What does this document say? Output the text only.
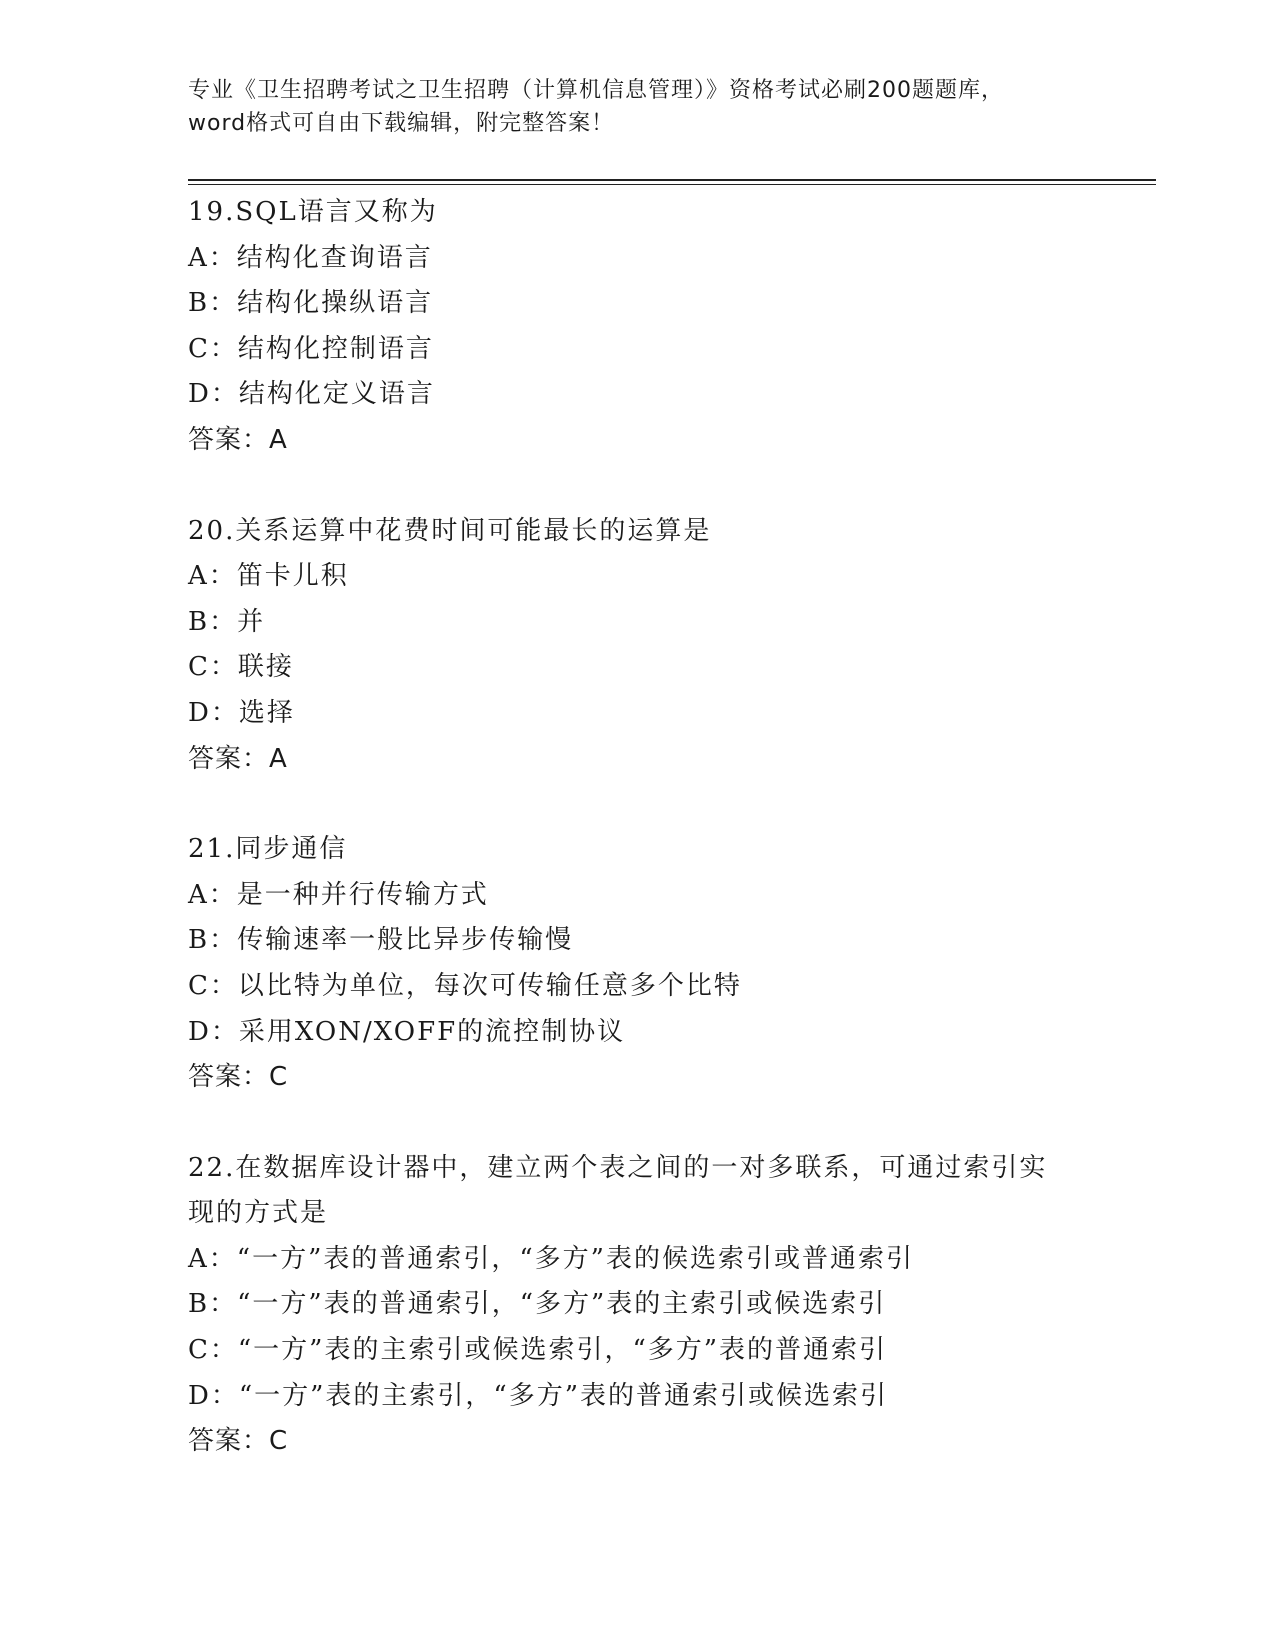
专业《卫生招聘考试之卫生招聘（计算机信息管理）》资格考试必刷200题题库，
word格式可自由下载编辑，附完整答案！
19.SQL语言又称为
A：结构化查询语言
B：结构化操纵语言
C：结构化控制语言
D：结构化定义语言
答案：A
20.关系运算中花费时间可能最长的运算是
A：笛卡儿积
B：并
C：联接
D：选择
答案：A
21.同步通信
A：是一种并行传输方式
B：传输速率一般比异步传输慢
C：以比特为单位，每次可传输任意多个比特
D：采用XON/XOFF的流控制协议
答案：C
22.在数据库设计器中，建立两个表之间的一对多联系，可通过索引实现的方式是
A：“一方”表的普通索引，“多方”表的候选索引或普通索引
B：“一方”表的普通索引，“多方”表的主索引或候选索引
C：“一方”表的主索引或候选索引，“多方”表的普通索引
D：“一方”表的主索引，“多方”表的普通索引或候选索引
答案：C
